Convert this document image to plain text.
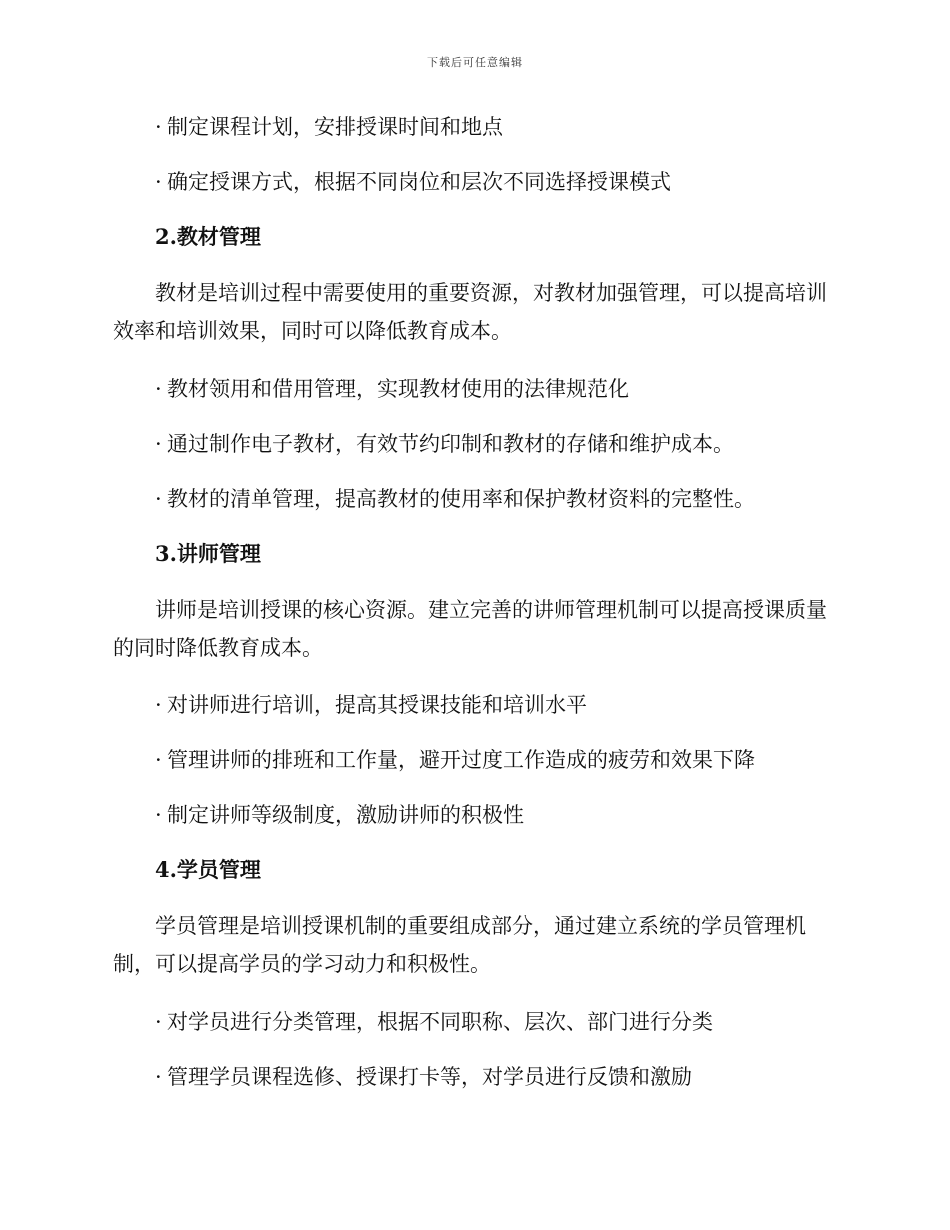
下载后可任意编辑
· 制定课程计划，安排授课时间和地点
· 确定授课方式，根据不同岗位和层次不同选择授课模式
2.教材管理
教材是培训过程中需要使用的重要资源，对教材加强管理，可以提高培训效率和培训效果，同时可以降低教育成本。
· 教材领用和借用管理，实现教材使用的法律规范化
· 通过制作电子教材，有效节约印制和教材的存储和维护成本。
· 教材的清单管理，提高教材的使用率和保护教材资料的完整性。
3.讲师管理
讲师是培训授课的核心资源。建立完善的讲师管理机制可以提高授课质量的同时降低教育成本。
· 对讲师进行培训，提高其授课技能和培训水平
· 管理讲师的排班和工作量，避开过度工作造成的疲劳和效果下降
· 制定讲师等级制度，激励讲师的积极性
4.学员管理
学员管理是培训授课机制的重要组成部分，通过建立系统的学员管理机制，可以提高学员的学习动力和积极性。
· 对学员进行分类管理，根据不同职称、层次、部门进行分类
· 管理学员课程选修、授课打卡等，对学员进行反馈和激励
